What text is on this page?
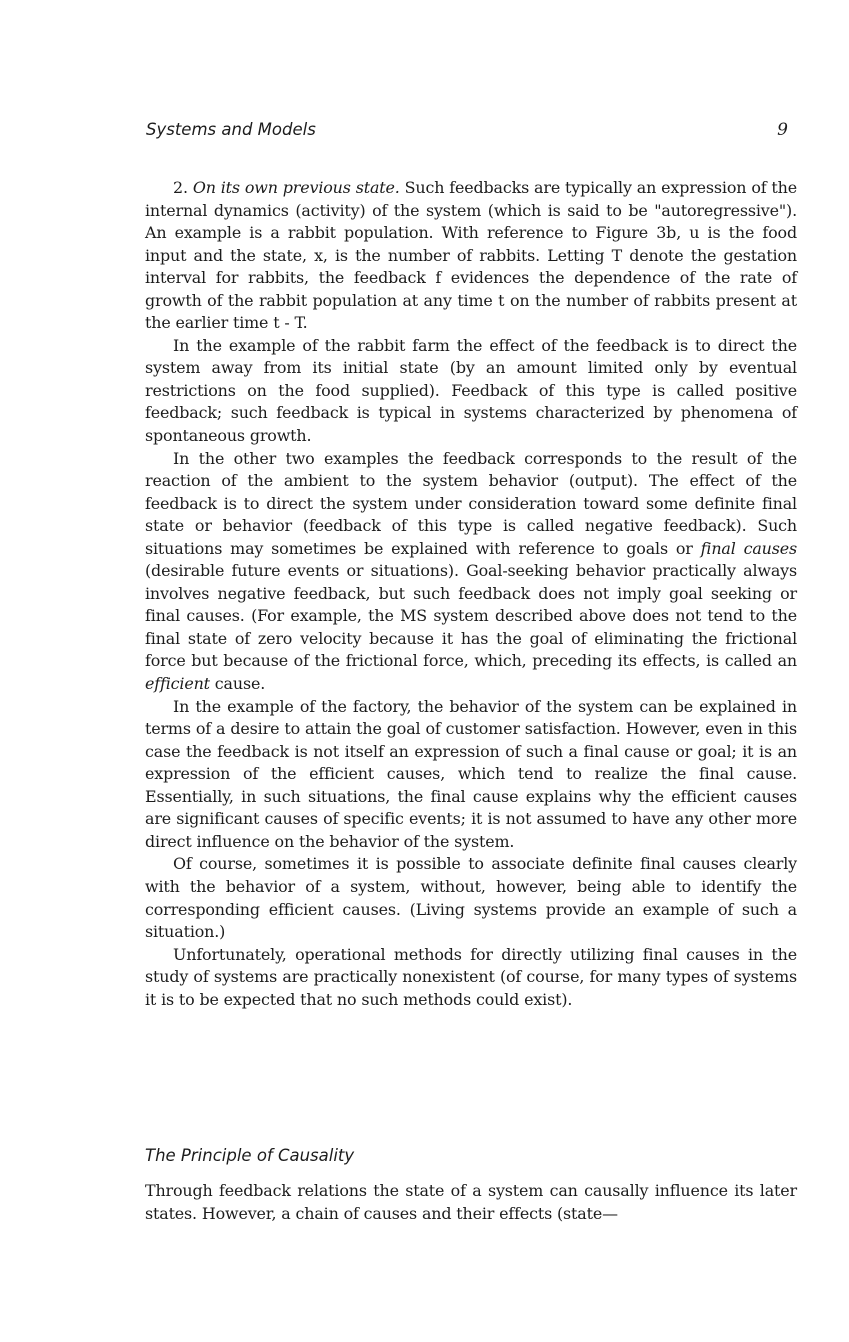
Systems and Models	9

2. On its own previous state. Such feedbacks are typically an expression of the internal dynamics (activity) of the system (which is said to be "autoregressive"). An example is a rabbit population. With reference to Figure 3b, u is the food input and the state, x, is the number of rabbits. Letting T denote the gestation interval for rabbits, the feedback f evidences the dependence of the rate of growth of the rabbit population at any time t on the number of rabbits present at the earlier time t - T.

In the example of the rabbit farm the effect of the feedback is to direct the system away from its initial state (by an amount limited only by eventual restrictions on the food supplied). Feedback of this type is called positive feedback; such feedback is typical in systems characterized by phenomena of spontaneous growth.

In the other two examples the feedback corresponds to the result of the reaction of the ambient to the system behavior (output). The effect of the feedback is to direct the system under consideration toward some definite final state or behavior (feedback of this type is called negative feedback). Such situations may sometimes be explained with reference to goals or final causes (desirable future events or situations). Goal-seeking behavior practically always involves negative feedback, but such feedback does not imply goal seeking or final causes. (For example, the MS system described above does not tend to the final state of zero velocity because it has the goal of eliminating the frictional force but because of the frictional force, which, preceding its effects, is called an efficient cause.

In the example of the factory, the behavior of the system can be explained in terms of a desire to attain the goal of customer satisfaction. However, even in this case the feedback is not itself an expression of such a final cause or goal; it is an expression of the efficient causes, which tend to realize the final cause. Essentially, in such situations, the final cause explains why the efficient causes are significant causes of specific events; it is not assumed to have any other more direct influence on the behavior of the system.

Of course, sometimes it is possible to associate definite final causes clearly with the behavior of a system, without, however, being able to identify the corresponding efficient causes. (Living systems provide an example of such a situation.)

Unfortunately, operational methods for directly utilizing final causes in the study of systems are practically nonexistent (of course, for many types of systems it is to be expected that no such methods could exist).

The Principle of Causality

Through feedback relations the state of a system can causally influence its later states. However, a chain of causes and their effects (state—
